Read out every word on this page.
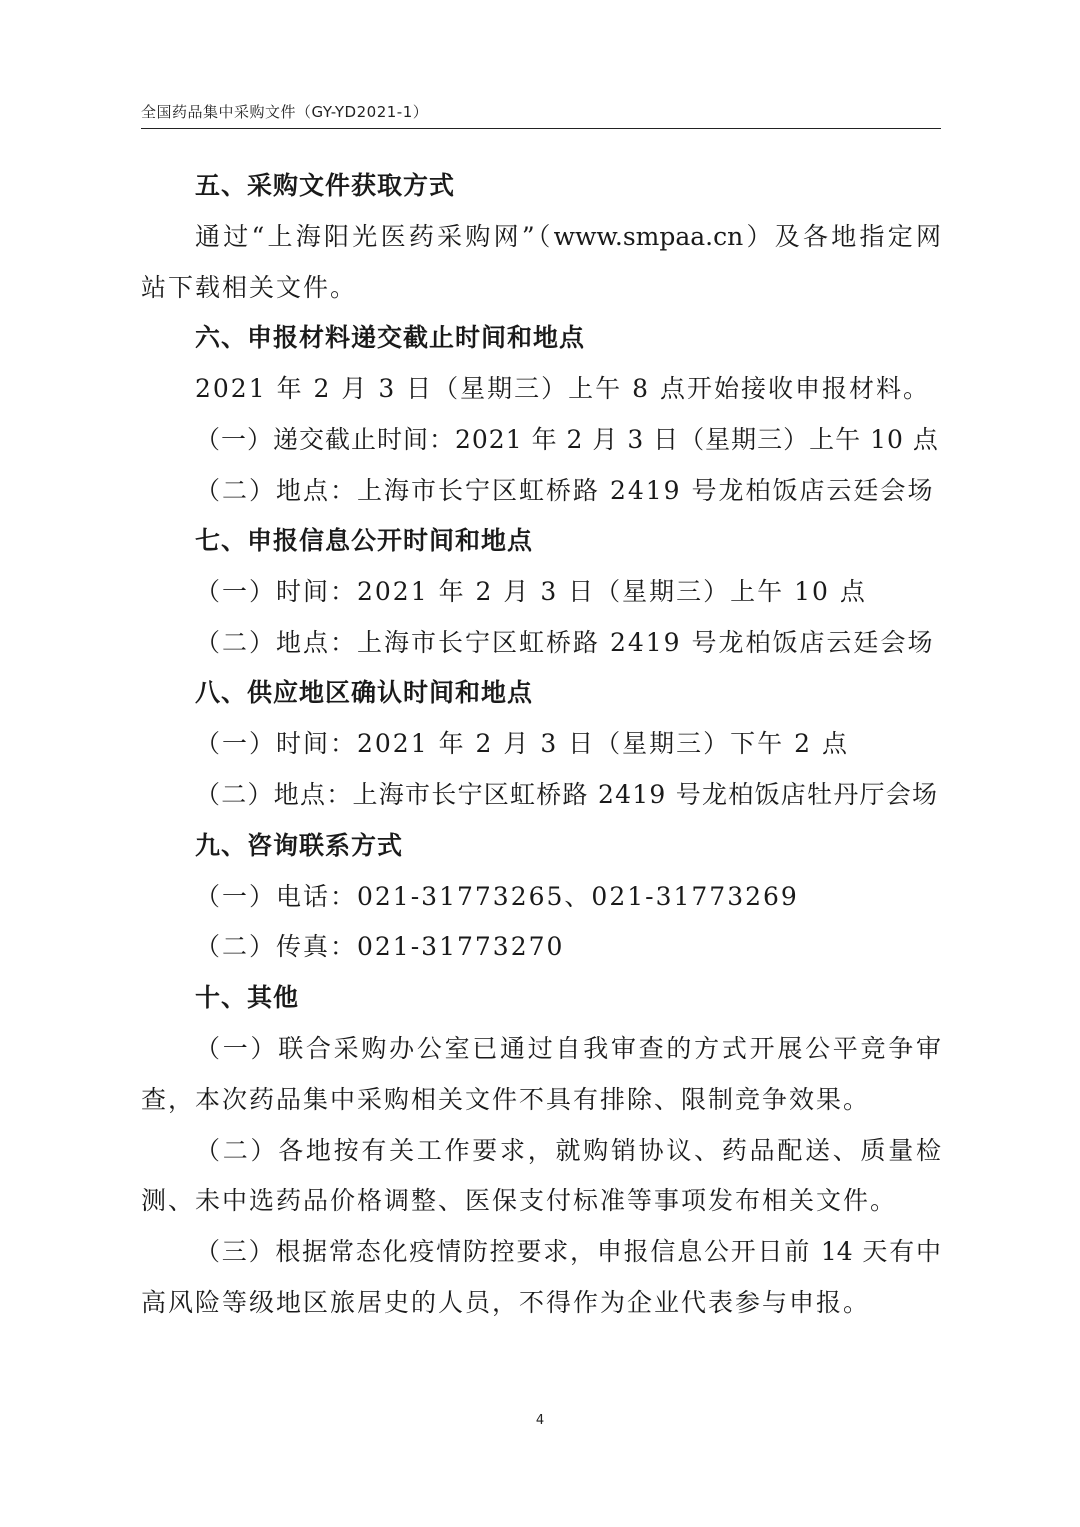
全国药品集中采购文件（GY-YD2021-1）
五、采购文件获取方式
通过“上海阳光医药采购网”（www.smpaa.cn）及各地指定网
站下载相关文件。
六、申报材料递交截止时间和地点
2021 年 2 月 3 日（星期三）上午 8 点开始接收申报材料。
（一）递交截止时间：2021 年 2 月 3 日（星期三）上午 10 点
（二）地点：上海市长宁区虹桥路 2419 号龙柏饭店云廷会场
七、申报信息公开时间和地点
（一）时间：2021 年 2 月 3 日（星期三）上午 10 点
（二）地点：上海市长宁区虹桥路 2419 号龙柏饭店云廷会场
八、供应地区确认时间和地点
（一）时间：2021 年 2 月 3 日（星期三）下午 2 点
（二）地点：上海市长宁区虹桥路 2419 号龙柏饭店牡丹厅会场
九、咨询联系方式
（一）电话：021-31773265、021-31773269
（二）传真：021-31773270
十、其他
（一）联合采购办公室已通过自我审查的方式开展公平竞争审
查，本次药品集中采购相关文件不具有排除、限制竞争效果。
（二）各地按有关工作要求，就购销协议、药品配送、质量检
测、未中选药品价格调整、医保支付标准等事项发布相关文件。
（三）根据常态化疫情防控要求，申报信息公开日前 14 天有中
高风险等级地区旅居史的人员，不得作为企业代表参与申报。
4
